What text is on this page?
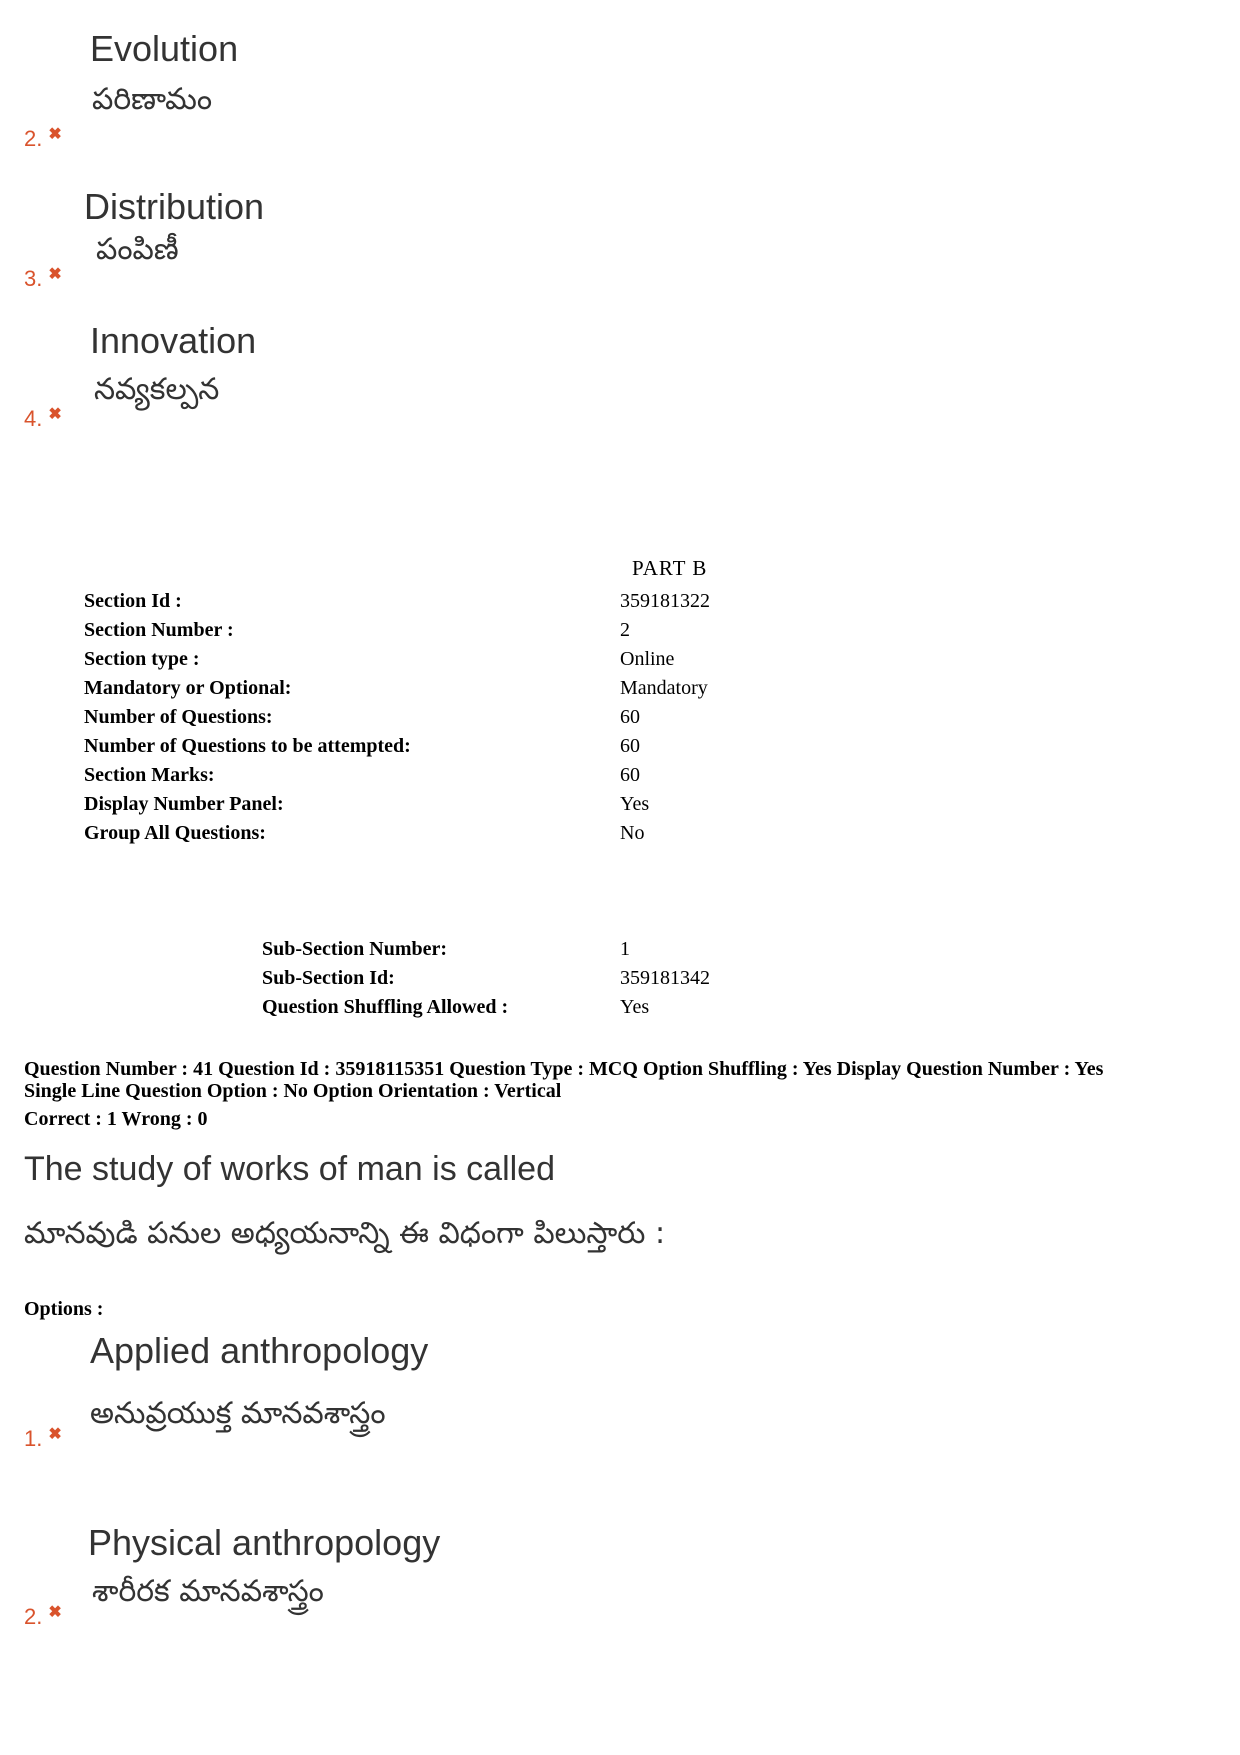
Evolution
పరిణామం
2. ✖
Distribution
పంపిణీ
3. ✖
Innovation
నవ్యకల్పన
4. ✖
PART B
Section Id :	359181322
Section Number :	2
Section type :	Online
Mandatory or Optional:	Mandatory
Number of Questions:	60
Number of Questions to be attempted:	60
Section Marks:	60
Display Number Panel:	Yes
Group All Questions:	No
Sub-Section Number:	1
Sub-Section Id:	359181342
Question Shuffling Allowed :	Yes
Question Number : 41 Question Id : 35918115351 Question Type : MCQ Option Shuffling : Yes Display Question Number : Yes
Single Line Question Option : No Option Orientation : Vertical
Correct : 1 Wrong : 0
The study of works of man is called
మానవుడి పనుల అధ్యయనాన్ని ఈ విధంగా పిలుస్తారు :
Options :
Applied anthropology
అనువ్రయుక్త మానవశాస్త్రం
1. ✖
Physical anthropology
శారీరక మానవశాస్త్రం
2. ✖
